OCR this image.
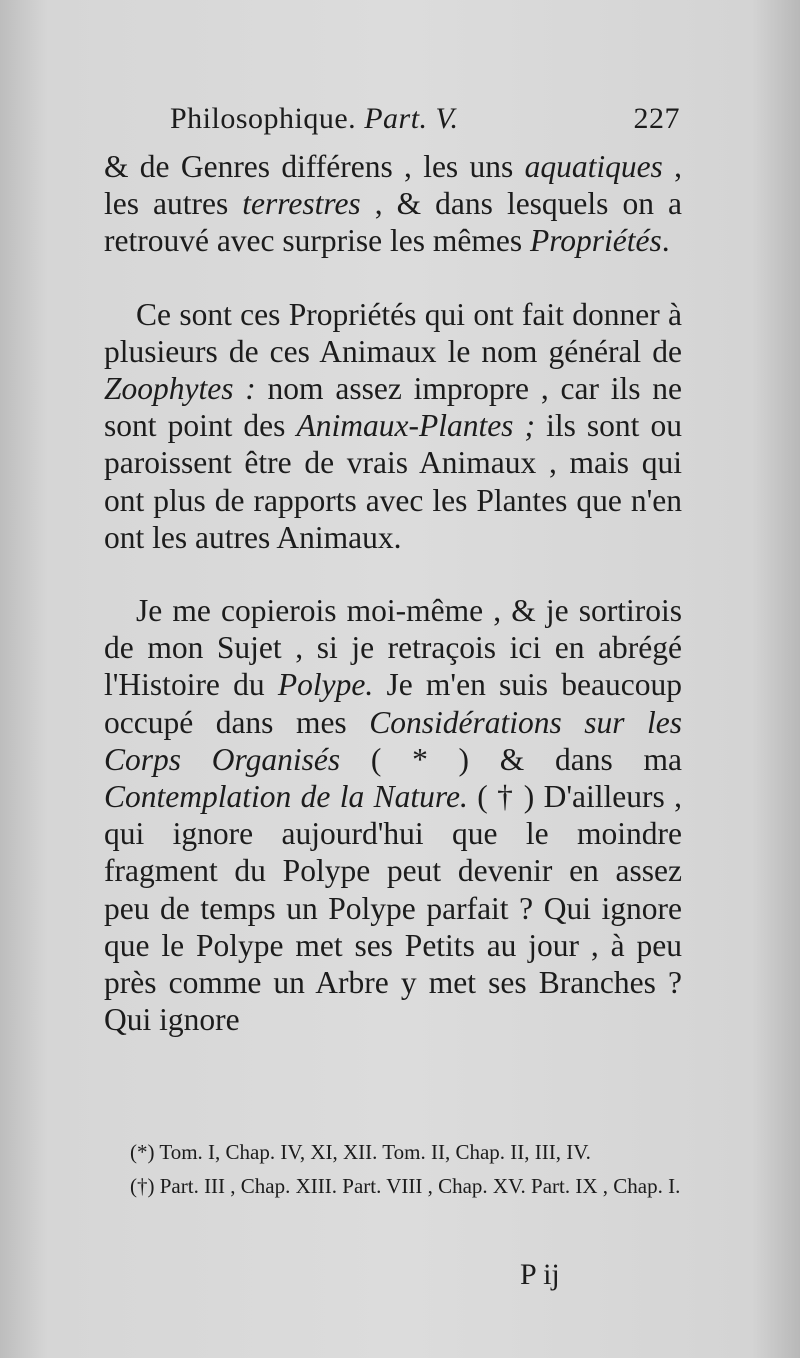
Philosophique. Part. V.	227

& de Genres différens , les uns aquatiques , les autres terrestres , & dans lesquels on a retrouvé avec surprise les mêmes Propriétés.

Ce sont ces Propriétés qui ont fait donner à plusieurs de ces Animaux le nom général de Zoophytes : nom assez impropre , car ils ne sont point des Animaux-Plantes ; ils sont ou paroissent être de vrais Animaux , mais qui ont plus de rapports avec les Plantes que n'en ont les autres Animaux.

Je me copierois moi-même , & je sortirois de mon Sujet , si je retraçois ici en abrégé l'Histoire du Polype. Je m'en suis beaucoup occupé dans mes Considérations sur les Corps Organisés ( * ) & dans ma Contemplation de la Nature. ( † ) D'ailleurs , qui ignore aujourd'hui que le moindre fragment du Polype peut devenir en assez peu de temps un Polype parfait ? Qui ignore que le Polype met ses Petits au jour , à peu près comme un Arbre y met ses Branches ? Qui ignore

(*) Tom. I, Chap. IV, XI, XII. Tom. II, Chap. II, III, IV.

(†) Part. III , Chap. XIII. Part. VIII , Chap. XV. Part. IX , Chap. I.

P ij
